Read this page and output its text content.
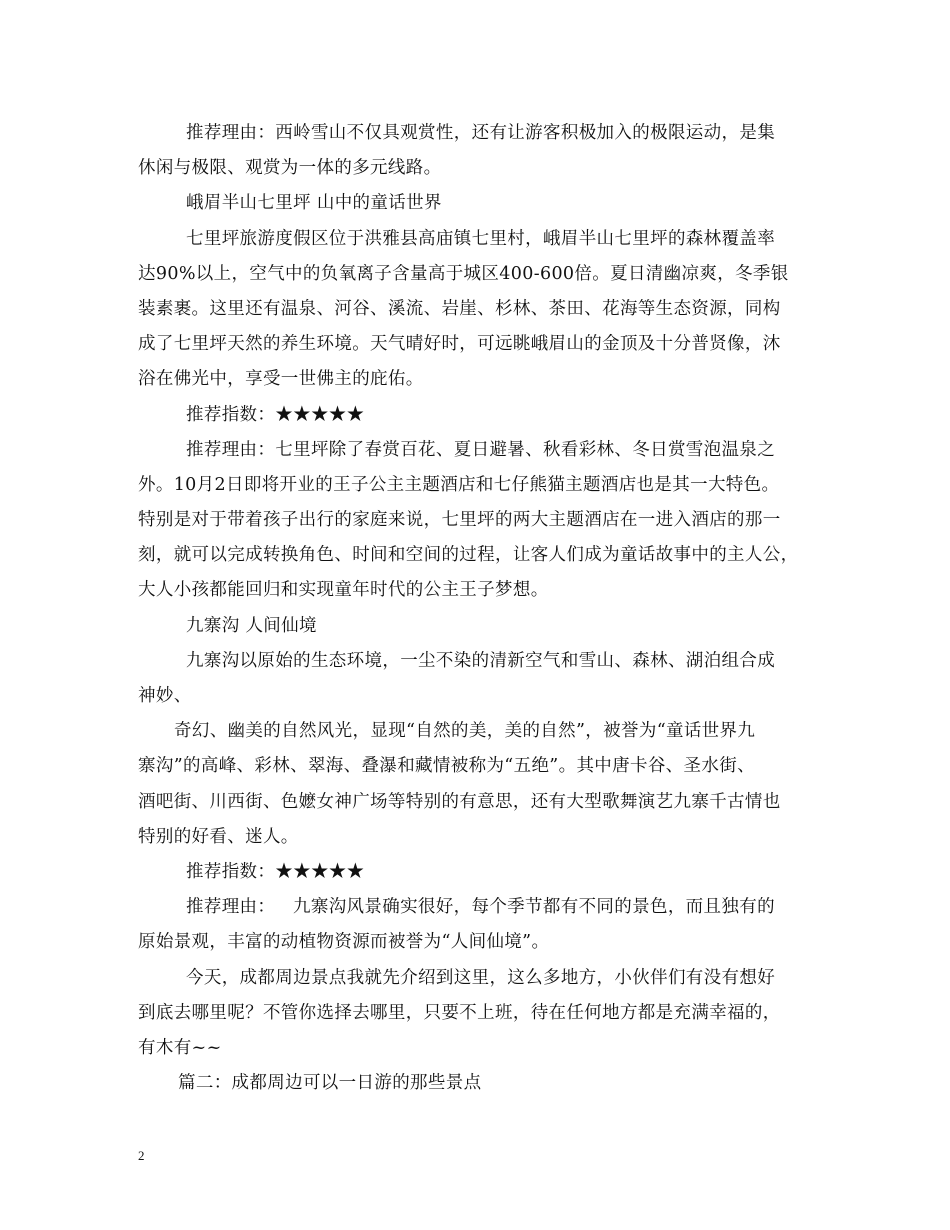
推荐理由：西岭雪山不仅具观赏性，还有让游客积极加入的极限运动，是集
休闲与极限、观赏为一体的多元线路。
峨眉半山七里坪 山中的童话世界
七里坪旅游度假区位于洪雅县高庙镇七里村，峨眉半山七里坪的森林覆盖率
达90%以上，空气中的负氧离子含量高于城区400-600倍。夏日清幽凉爽，冬季银
装素裹。这里还有温泉、河谷、溪流、岩崖、杉林、茶田、花海等生态资源，同构
成了七里坪天然的养生环境。天气晴好时，可远眺峨眉山的金顶及十分普贤像，沐
浴在佛光中，享受一世佛主的庇佑。
推荐指数：★★★★★
推荐理由：七里坪除了春赏百花、夏日避暑、秋看彩林、冬日赏雪泡温泉之
外。10月2日即将开业的王子公主主题酒店和七仔熊猫主题酒店也是其一大特色。
特别是对于带着孩子出行的家庭来说，七里坪的两大主题酒店在一进入酒店的那一
刻，就可以完成转换角色、时间和空间的过程，让客人们成为童话故事中的主人公，
大人小孩都能回归和实现童年时代的公主王子梦想。
九寨沟 人间仙境
九寨沟以原始的生态环境，一尘不染的清新空气和雪山、森林、湖泊组合成
神妙、
奇幻、幽美的自然风光，显现“自然的美，美的自然”，被誉为“童话世界九
寨沟”的高峰、彩林、翠海、叠瀑和藏情被称为“五绝”。其中唐卡谷、圣水街、
酒吧街、川西街、色嬷女神广场等特别的有意思，还有大型歌舞演艺九寨千古情也
特别的好看、迷人。
推荐指数：★★★★★
推荐理由：   九寨沟风景确实很好，每个季节都有不同的景色，而且独有的
原始景观，丰富的动植物资源而被誉为“人间仙境”。
今天，成都周边景点我就先介绍到这里，这么多地方，小伙伴们有没有想好
到底去哪里呢？不管你选择去哪里，只要不上班，待在任何地方都是充满幸福的，
有木有~~
篇二：成都周边可以一日游的那些景点
2
